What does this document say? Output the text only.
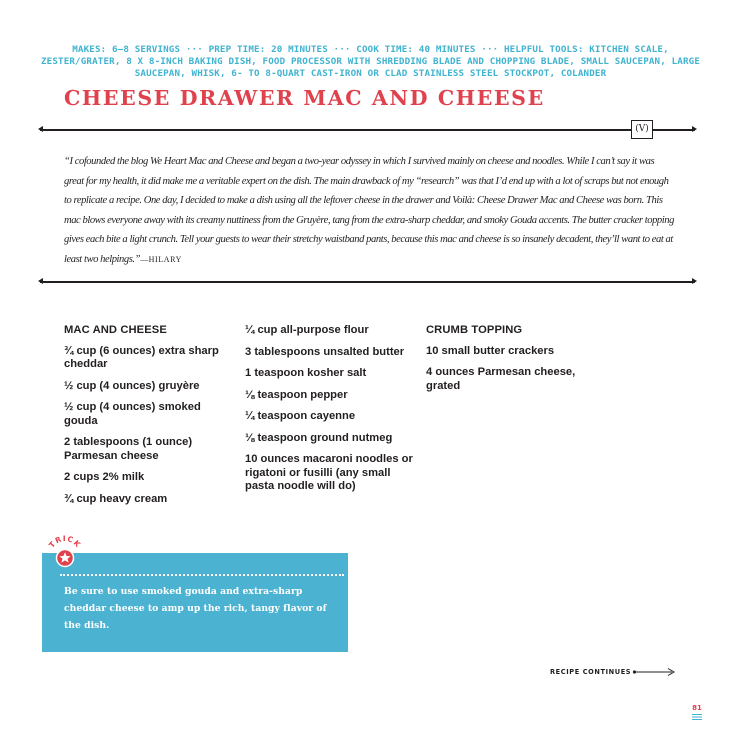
MAKES: 6–8 SERVINGS ··· PREP TIME: 20 MINUTES ··· COOK TIME: 40 MINUTES ··· HELPFUL TOOLS: KITCHEN SCALE, ZESTER/GRATER, 8 X 8-INCH BAKING DISH, FOOD PROCESSOR WITH SHREDDING BLADE AND CHOPPING BLADE, SMALL SAUCEPAN, LARGE SAUCEPAN, WHISK, 6- TO 8-QUART CAST-IRON OR CLAD STAINLESS STEEL STOCKPOT, COLANDER
CHEESE DRAWER MAC AND CHEESE
(V)
“I cofounded the blog We Heart Mac and Cheese and began a two-year odyssey in which I survived mainly on cheese and noodles. While I can’t say it was great for my health, it did make me a veritable expert on the dish. The main drawback of my “research” was that I’d end up with a lot of scraps but not enough to replicate a recipe. One day, I decided to make a dish using all the leftover cheese in the drawer and Voilà: Cheese Drawer Mac and Cheese was born. This mac blows everyone away with its creamy nuttiness from the Gruyère, tang from the extra-sharp cheddar, and smoky Gouda accents. The butter cracker topping gives each bite a light crunch. Tell your guests to wear their stretchy waistband pants, because this mac and cheese is so insanely decadent, they’ll want to eat at least two helpings.”—HILARY
MAC AND CHEESE
¾ cup (6 ounces) extra sharp cheddar
½ cup (4 ounces) gruyère
½ cup (4 ounces) smoked gouda
2 tablespoons (1 ounce) Parmesan cheese
2 cups 2% milk
¾ cup heavy cream
¼ cup all-purpose flour
3 tablespoons unsalted butter
1 teaspoon kosher salt
⅛ teaspoon pepper
¼ teaspoon cayenne
⅛ teaspoon ground nutmeg
10 ounces macaroni noodles or rigatoni or fusilli (any small pasta noodle will do)
CRUMB TOPPING
10 small butter crackers
4 ounces Parmesan cheese, grated
Be sure to use smoked gouda and extra-sharp cheddar cheese to amp up the rich, tangy flavor of the dish.
TRICK
RECIPE CONTINUES
81
